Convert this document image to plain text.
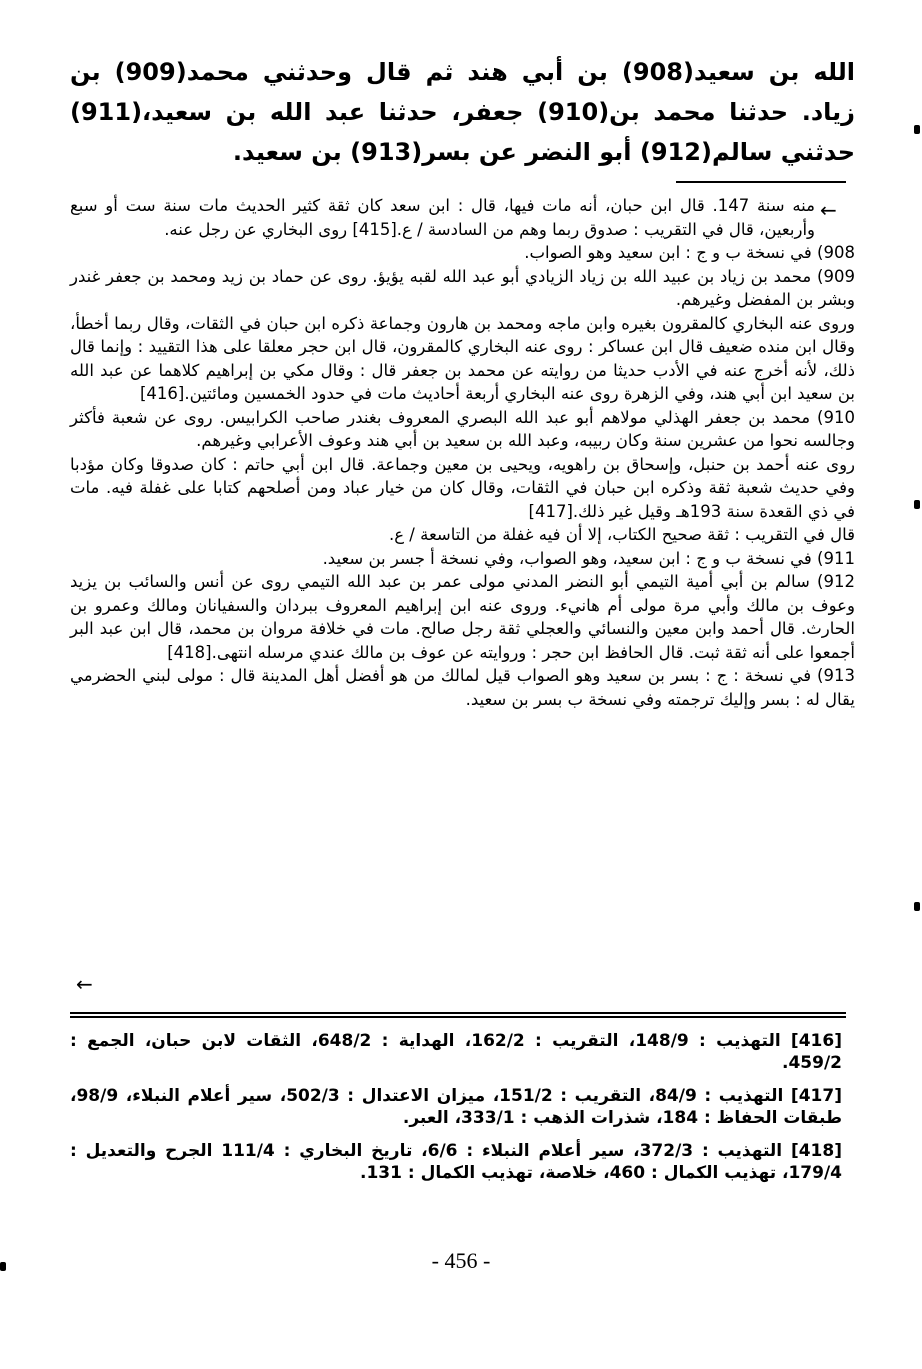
الله بن سعيد(908) بن أبي هند ثم قال وحدثني محمد(909) بن زياد. حدثنا محمد بن(910) جعفر، حدثنا عبد الله بن سعيد،(911) حدثني سالم(912) أبو النضر عن بسر(913) بن سعيد.

←

منه سنة 147. قال ابن حبان، أنه مات فيها، قال : ابن سعد كان ثقة كثير الحديث مات سنة ست أو سبع وأربعين، قال في التقريب : صدوق ربما وهم من السادسة / ع.[415] روى البخاري عن رجل عنه.

908) في نسخة ب و ج : ابن سعيد وهو الصواب.

909) محمد بن زياد بن عبيد الله بن زياد الزيادي أبو عبد الله لقبه يؤيؤ. روى عن حماد بن زيد ومحمد بن جعفر غندر وبشر بن المفضل وغيرهم.

وروى عنه البخاري كالمقرون بغيره وابن ماجه ومحمد بن هارون وجماعة ذكره ابن حبان في الثقات، وقال ربما أخطأ، وقال ابن منده ضعيف قال ابن عساكر : روى عنه البخاري كالمقرون، قال ابن حجر معلقا على هذا التقييد : وإنما قال ذلك، لأنه أخرج عنه في الأدب حديثا من روايته عن محمد بن جعفر قال : وقال مكي بن إبراهيم كلاهما عن عبد الله بن سعيد ابن أبي هند، وفي الزهرة روى عنه البخاري أربعة أحاديث مات في حدود الخمسين ومائتين.[416]

910) محمد بن جعفر الهذلي مولاهم أبو عبد الله البصري المعروف بغندر صاحب الكرابيس. روى عن شعبة فأكثر وجالسه نحوا من عشرين سنة وكان ربيبه، وعبد الله بن سعيد بن أبي هند وعوف الأعرابي وغيرهم.

روى عنه أحمد بن حنبل، وإسحاق بن راهويه، ويحيى بن معين وجماعة. قال ابن أبي حاتم : كان صدوقا وكان مؤدبا وفي حديث شعبة ثقة وذكره ابن حبان في الثقات، وقال كان من خيار عباد ومن أصلحهم كتابا على غفلة فيه. مات في ذي القعدة سنة 193هـ وقيل غير ذلك.[417]

قال في التقريب : ثقة صحيح الكتاب، إلا أن فيه غفلة من التاسعة / ع.

911) في نسخة ب و ج : ابن سعيد، وهو الصواب، وفي نسخة أ جسر بن سعيد.

912) سالم بن أبي أمية التيمي أبو النضر المدني مولى عمر بن عبد الله التيمي روى عن أنس والسائب بن يزيد وعوف بن مالك وأبي مرة مولى أم هانيء. وروى عنه ابن إبراهيم المعروف ببردان والسفيانان ومالك وعمرو بن الحارث. قال أحمد وابن معين والنسائي والعجلي ثقة رجل صالح. مات في خلافة مروان بن محمد، قال ابن عبد البر أجمعوا على أنه ثقة ثبت. قال الحافظ ابن حجر : وروايته عن عوف بن مالك عندي مرسله انتهى.[418]

913) في نسخة : ج : بسر بن سعيد وهو الصواب قيل لمالك من هو أفضل أهل المدينة قال : مولى لبني الحضرمي يقال له : بسر وإليك ترجمته وفي نسخة ب بسر بن سعيد.

←

[416] التهذيب : 148/9، التقريب : 162/2، الهداية : 648/2، الثقات لابن حبان، الجمع : 459/2.

[417] التهذيب : 84/9، التقريب : 151/2، ميزان الاعتدال : 502/3، سير أعلام النبلاء، 98/9، طبقات الحفاظ : 184، شذرات الذهب : 333/1، العبر.

[418] التهذيب : 372/3، سير أعلام النبلاء : 6/6، تاريخ البخاري : 111/4 الجرح والتعديل : 179/4، تهذيب الكمال : 460، خلاصة، تهذيب الكمال : 131.

- 456 -
